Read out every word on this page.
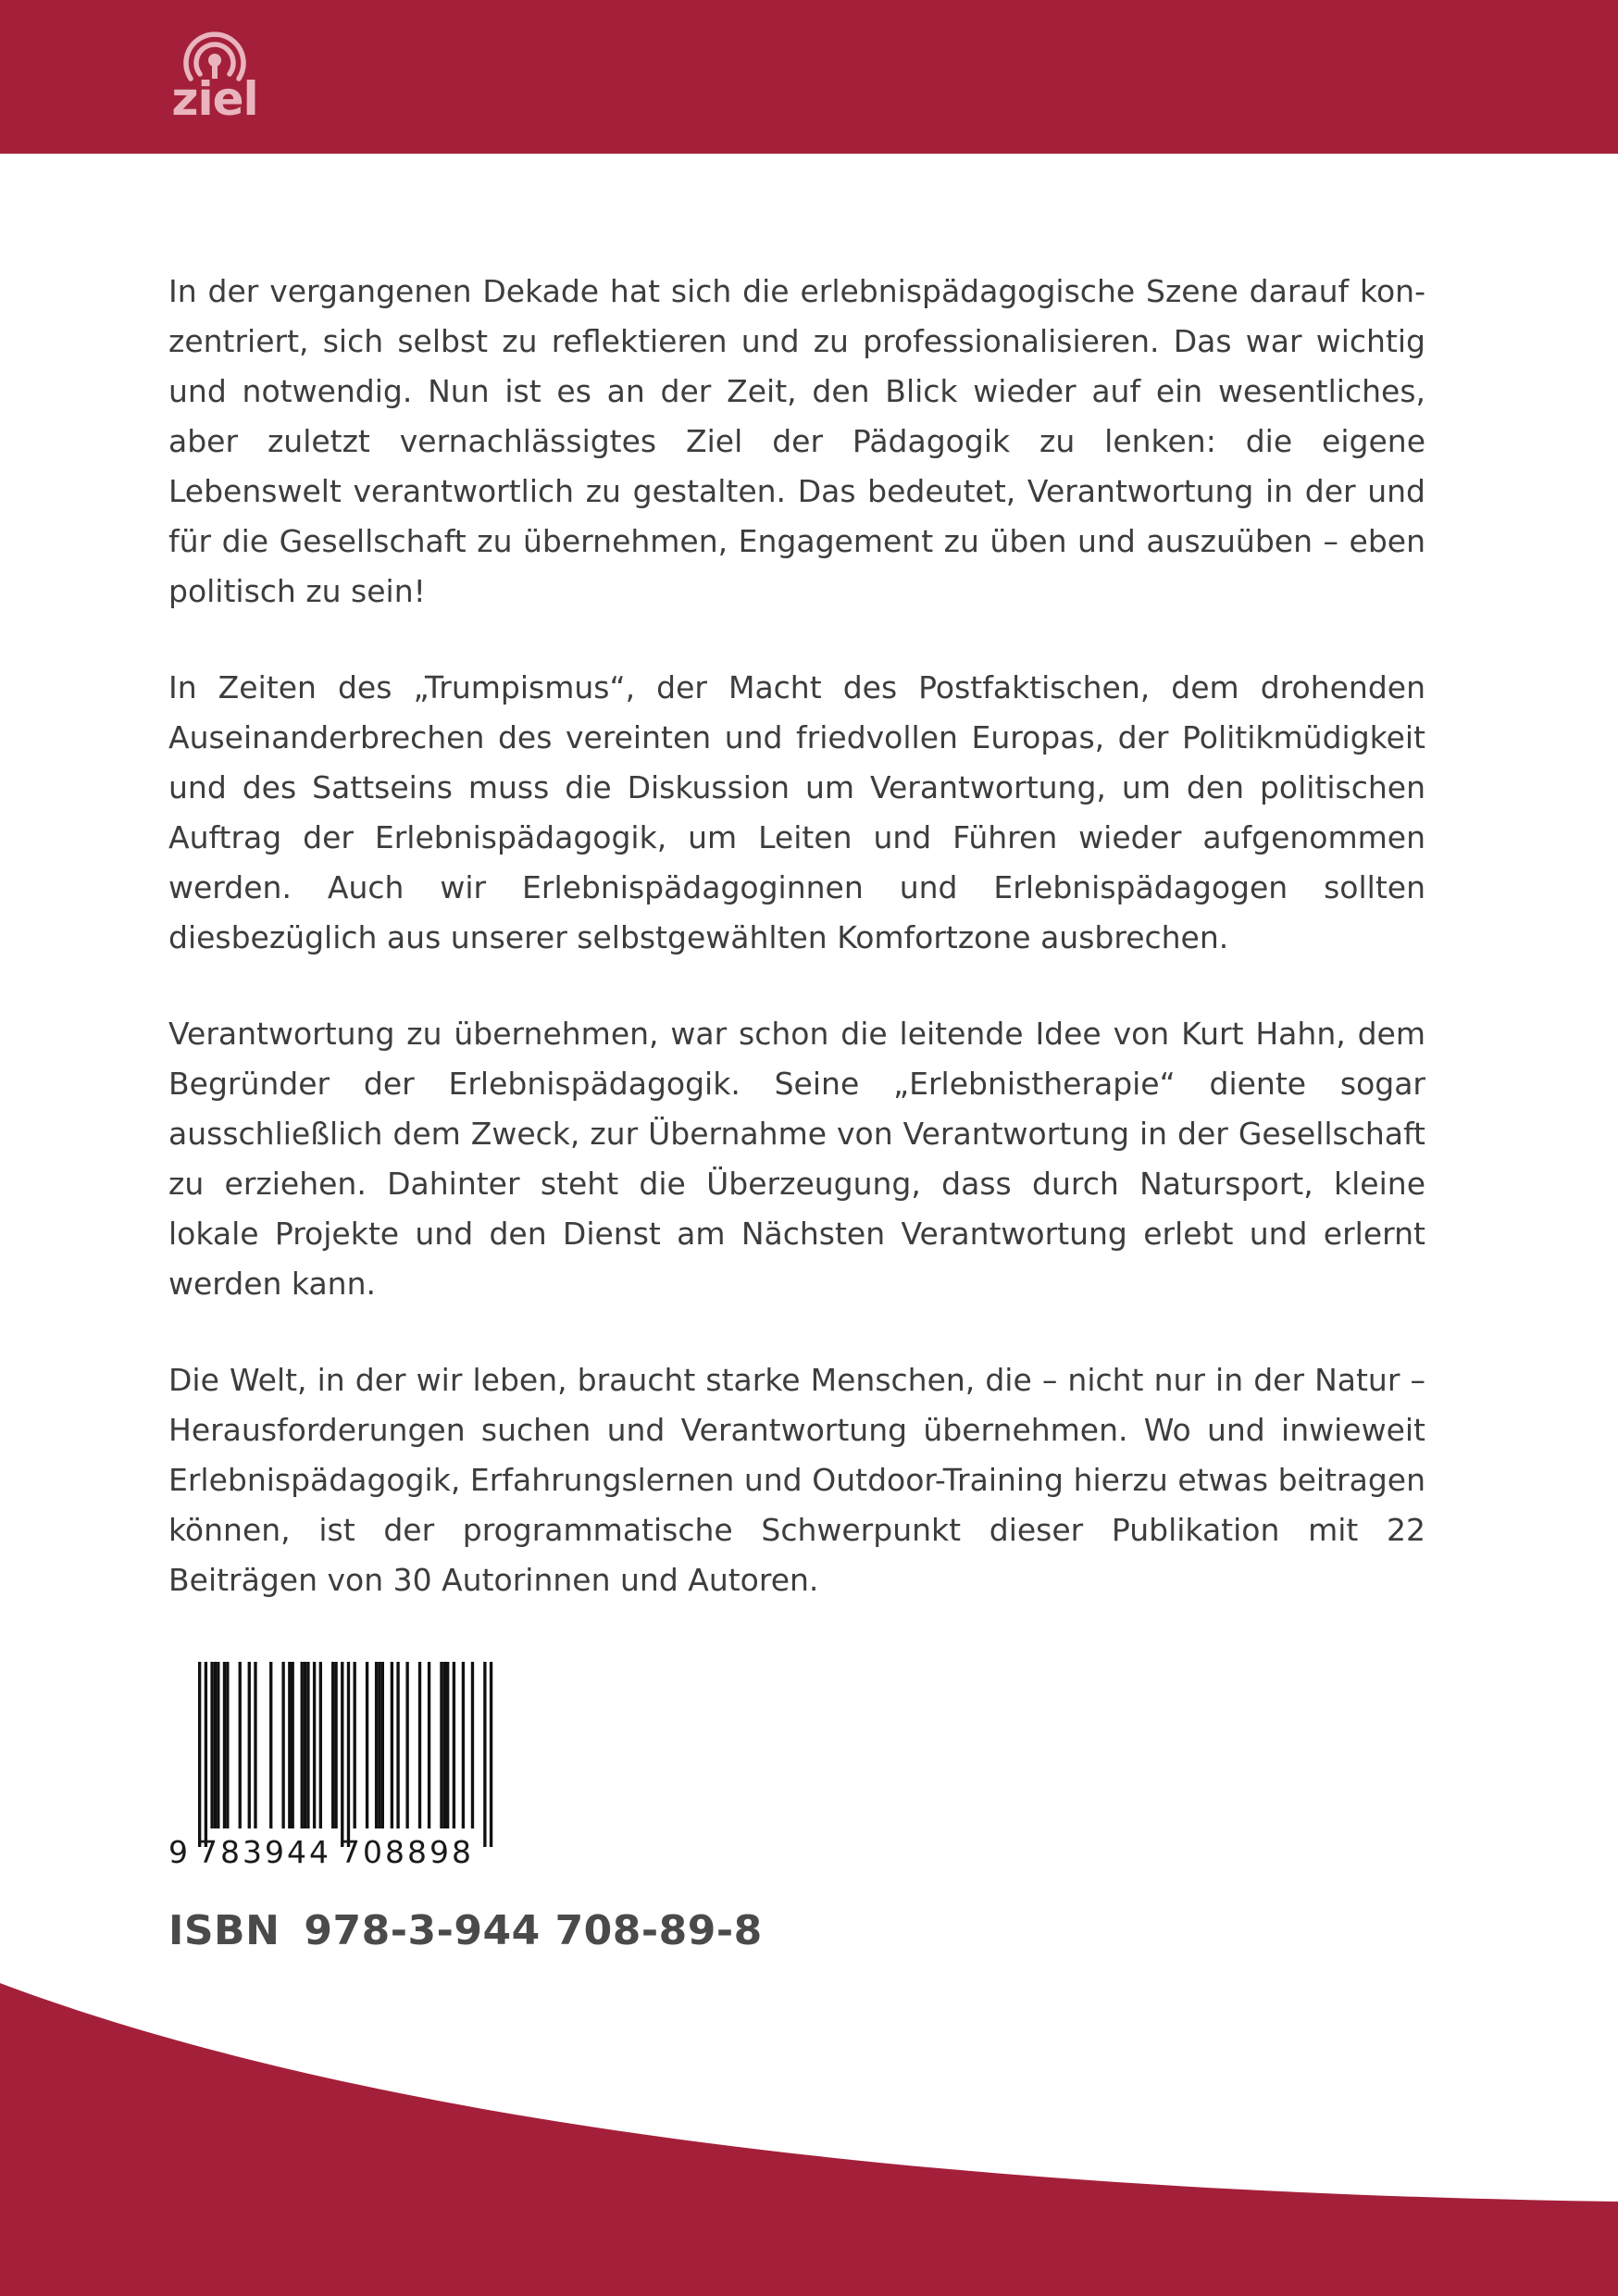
ziel

In der vergangenen Dekade hat sich die erlebnispädagogische Szene darauf konzentriert, sich selbst zu reflektieren und zu professionalisieren. Das war wichtig und notwendig. Nun ist es an der Zeit, den Blick wieder auf ein wesentliches, aber zuletzt vernachlässigtes Ziel der Pädagogik zu lenken: die eigene Lebenswelt verantwortlich zu gestalten. Das bedeutet, Verantwortung in der und für die Gesellschaft zu übernehmen, Engagement zu üben und auszuüben – eben politisch zu sein!

In Zeiten des „Trumpismus“, der Macht des Postfaktischen, dem drohenden Auseinanderbrechen des vereinten und friedvollen Europas, der Politikmüdigkeit und des Sattseins muss die Diskussion um Verantwortung, um den politischen Auftrag der Erlebnispädagogik, um Leiten und Führen wieder aufgenommen werden. Auch wir Erlebnispädagoginnen und Erlebnispädagogen sollten diesbezüglich aus unserer selbstgewählten Komfortzone ausbrechen.

Verantwortung zu übernehmen, war schon die leitende Idee von Kurt Hahn, dem Begründer der Erlebnispädagogik. Seine „Erlebnistherapie“ diente sogar ausschließlich dem Zweck, zur Übernahme von Verantwortung in der Gesellschaft zu erziehen. Dahinter steht die Überzeugung, dass durch Natursport, kleine lokale Projekte und den Dienst am Nächsten Verantwortung erlebt und erlernt werden kann.

Die Welt, in der wir leben, braucht starke Menschen, die – nicht nur in der Natur – Herausforderungen suchen und Verantwortung übernehmen. Wo und inwieweit Erlebnispädagogik, Erfahrungslernen und Outdoor-Training hierzu etwas beitragen können, ist der programmatische Schwerpunkt dieser Publikation mit 22 Beiträgen von 30 Autorinnen und Autoren.

9 783944 708898
ISBN 978-3-944 708-89-8
